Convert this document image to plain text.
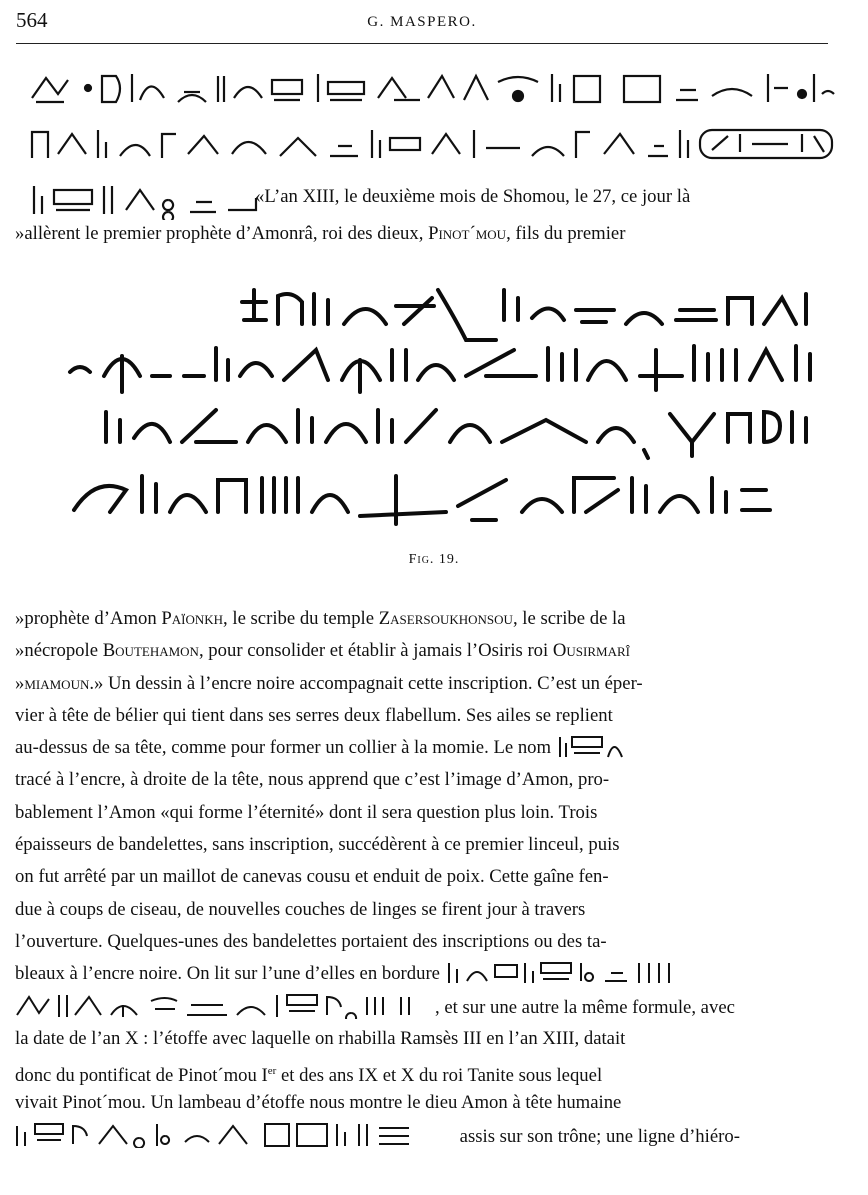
564	G. MASPERO.
«L’an XIII, le deuxième mois de Shomou, le 27, ce jour là
»allèrent le premier prophète d’Amonrâ, roi des dieux, Pinot´mou, fils du premier
Fig. 19.
»prophète d’Amon Païonkh, le scribe du temple Zasersoukhonsou, le scribe de la
»nécropole Boutehamon, pour consolider et établir à jamais l’Osiris roi Ousirmarî
»miamoun.» Un dessin à l’encre noire accompagnait cette inscription. C’est un éper-
vier à tête de bélier qui tient dans ses serres deux flabellum. Ses ailes se replient
au-dessus de sa tête, comme pour former un collier à la momie. Le nom
tracé à l’encre, à droite de la tête, nous apprend que c’est l’image d’Amon, pro-
bablement l’Amon «qui forme l’éternité» dont il sera question plus loin. Trois
épaisseurs de bandelettes, sans inscription, succédèrent à ce premier linceul, puis
on fut arrêté par un maillot de canevas cousu et enduit de poix. Cette gaîne fen-
due à coups de ciseau, de nouvelles couches de linges se firent jour à travers
l’ouverture. Quelques-unes des bandelettes portaient des inscriptions ou des ta-
bleaux à l’encre noire. On lit sur l’une d’elles en bordure
, et sur une autre la même formule, avec
la date de l’an X : l’étoffe avec laquelle on rhabilla Ramsès III en l’an XIII, datait
donc du pontificat de Pinot´mou Ier et des ans IX et X du roi Tanite sous lequel
vivait Pinot´mou. Un lambeau d’étoffe nous montre le dieu Amon à tête humaine
assis sur son trône; une ligne d’hiéro-
